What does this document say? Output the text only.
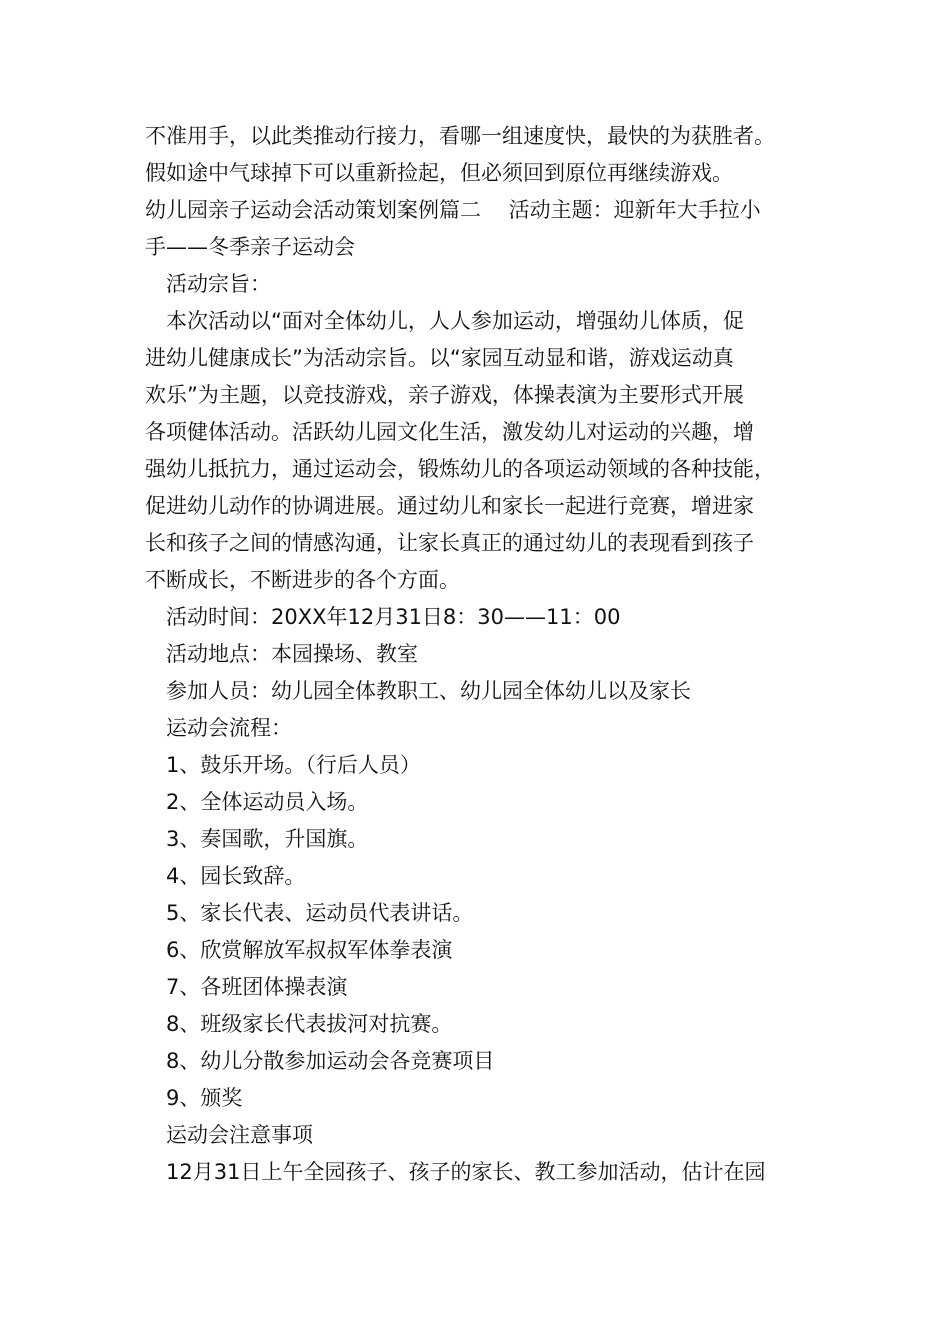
不准用手，以此类推动行接力，看哪一组速度快，最快的为获胜者。
假如途中气球掉下可以重新捡起，但必须回到原位再继续游戏。
幼儿园亲子运动会活动策划案例篇二　 活动主题：迎新年大手拉小
手——冬季亲子运动会
活动宗旨：
本次活动以“面对全体幼儿，人人参加运动，增强幼儿体质，促
进幼儿健康成长”为活动宗旨。以“家园互动显和谐，游戏运动真
欢乐”为主题，以竞技游戏，亲子游戏，体操表演为主要形式开展
各项健体活动。活跃幼儿园文化生活，激发幼儿对运动的兴趣，增
强幼儿抵抗力，通过运动会，锻炼幼儿的各项运动领域的各种技能，
促进幼儿动作的协调进展。通过幼儿和家长一起进行竞赛，增进家
长和孩子之间的情感沟通，让家长真正的通过幼儿的表现看到孩子
不断成长，不断进步的各个方面。
活动时间：20XX年12月31日8：30——11：00
活动地点：本园操场、教室
参加人员：幼儿园全体教职工、幼儿园全体幼儿以及家长
运动会流程：
1、鼓乐开场。（行后人员）
2、全体运动员入场。
3、奏国歌，升国旗。
4、园长致辞。
5、家长代表、运动员代表讲话。
6、欣赏解放军叔叔军体拳表演
7、各班团体操表演
8、班级家长代表拔河对抗赛。
8、幼儿分散参加运动会各竞赛项目
9、颁奖
运动会注意事项
12月31日上午全园孩子、孩子的家长、教工参加活动，估计在园
